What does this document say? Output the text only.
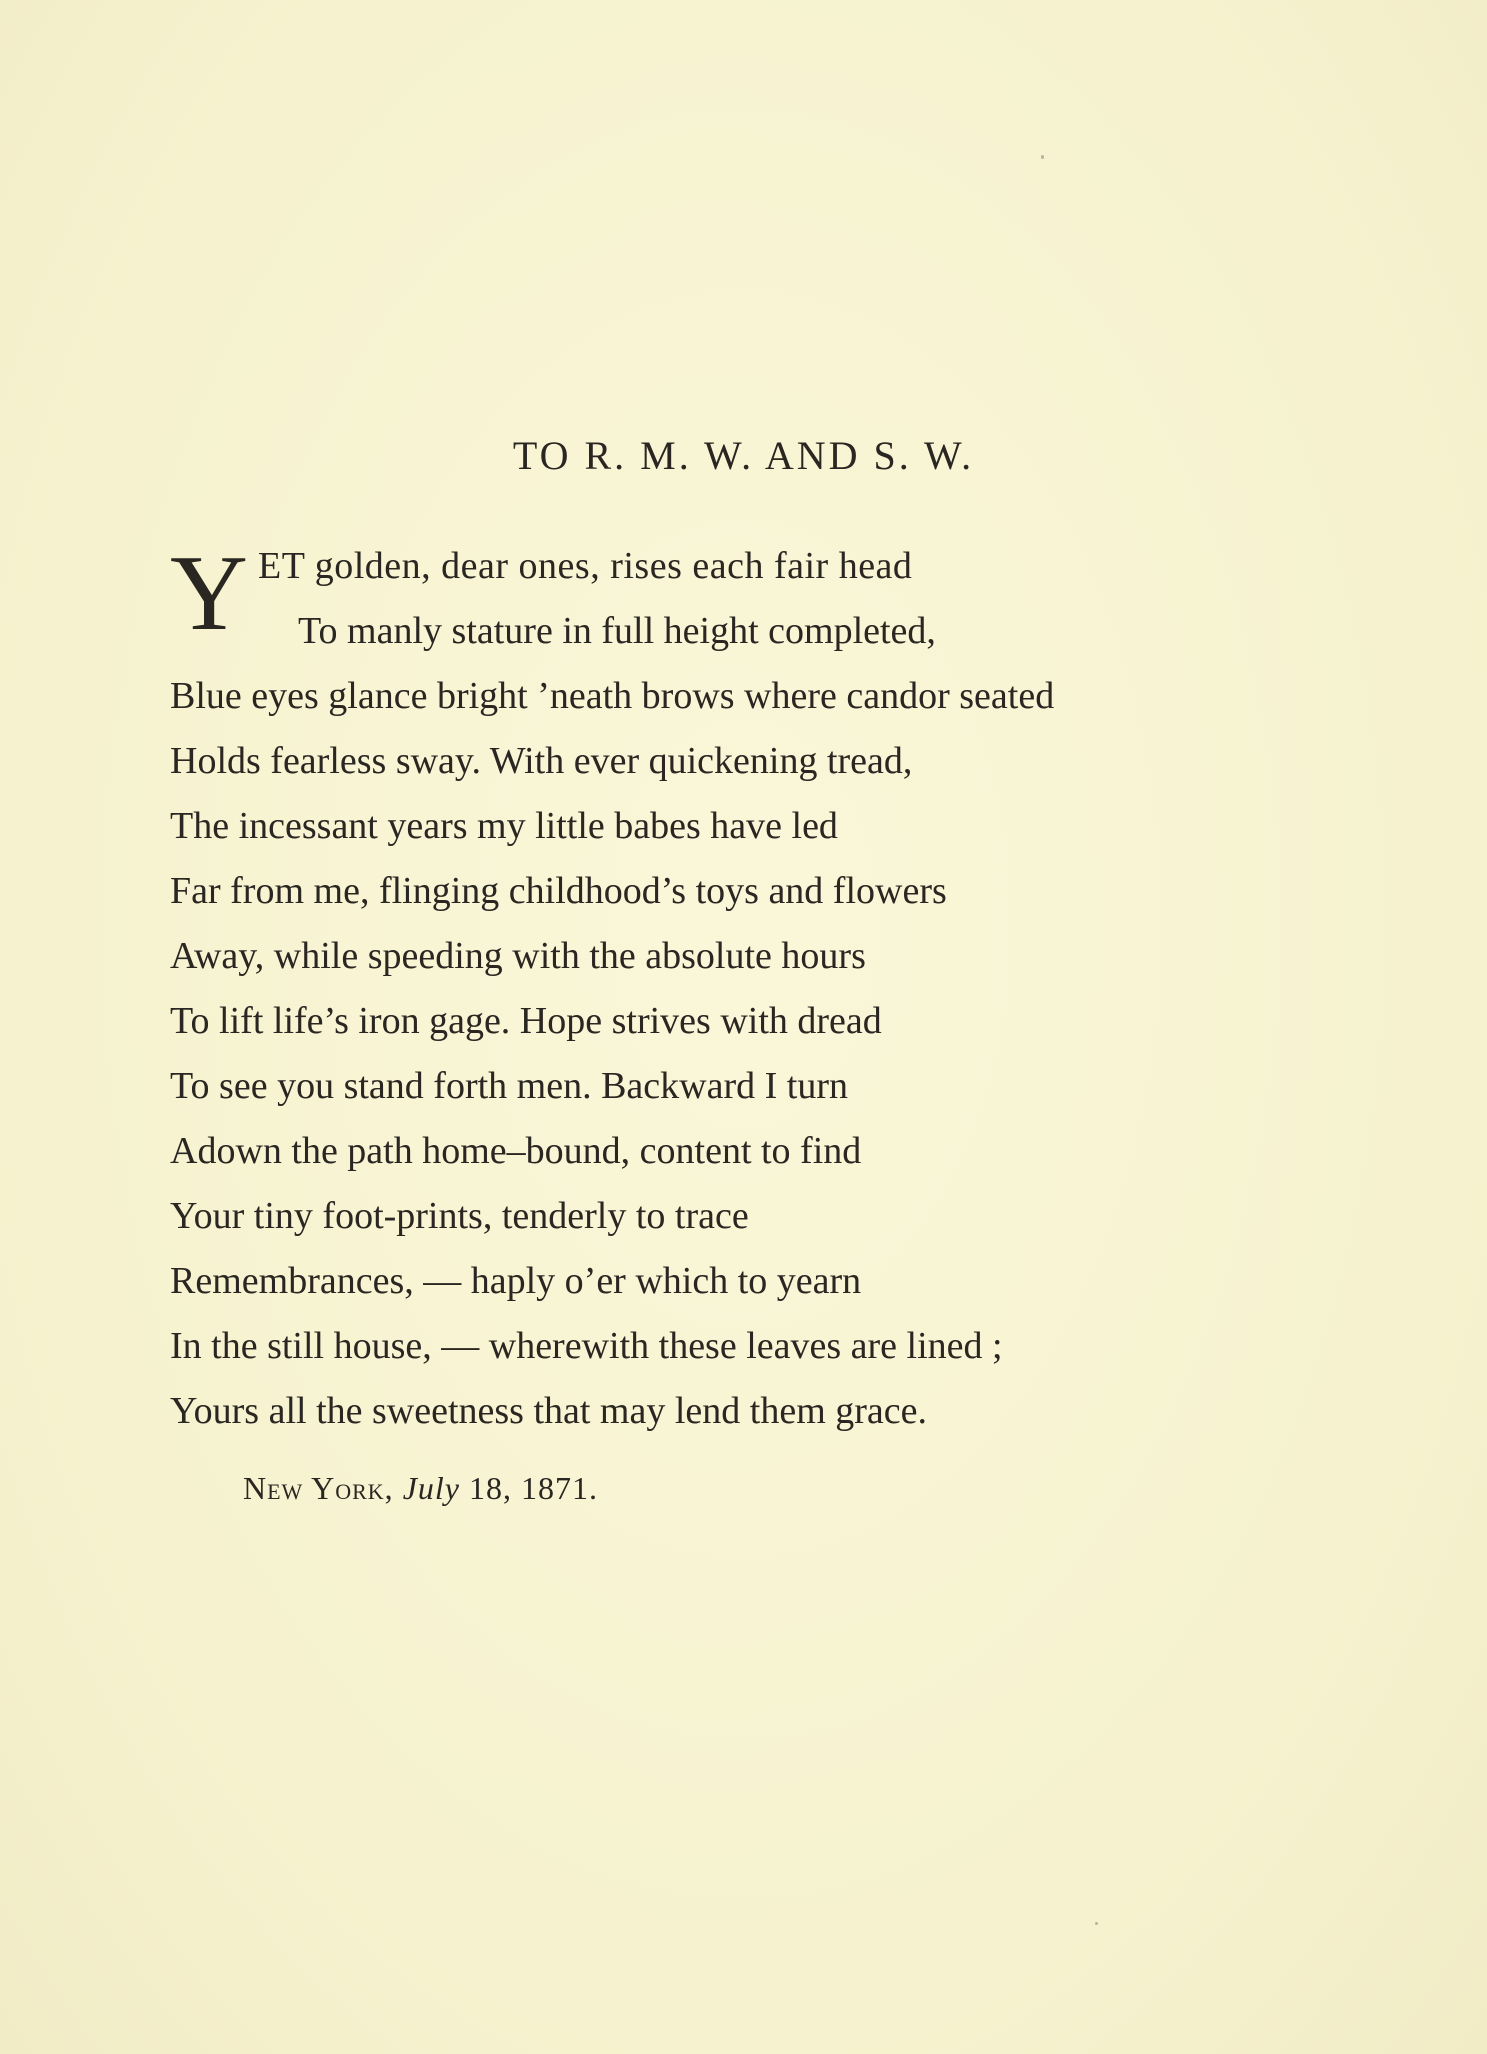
TO R. M. W. AND S. W.
Y ET golden, dear ones, rises each fair head
To manly stature in full height completed,
Blue eyes glance bright ’neath brows where candor seated
Holds fearless sway. With ever quickening tread,
The incessant years my little babes have led
Far from me, flinging childhood’s toys and flowers
Away, while speeding with the absolute hours
To lift life’s iron gage. Hope strives with dread
To see you stand forth men. Backward I turn
Adown the path home–bound, content to find
Your tiny foot-prints, tenderly to trace
Remembrances, — haply o’er which to yearn
In the still house, — wherewith these leaves are lined ;
Yours all the sweetness that may lend them grace.
New York, July 18, 1871.
